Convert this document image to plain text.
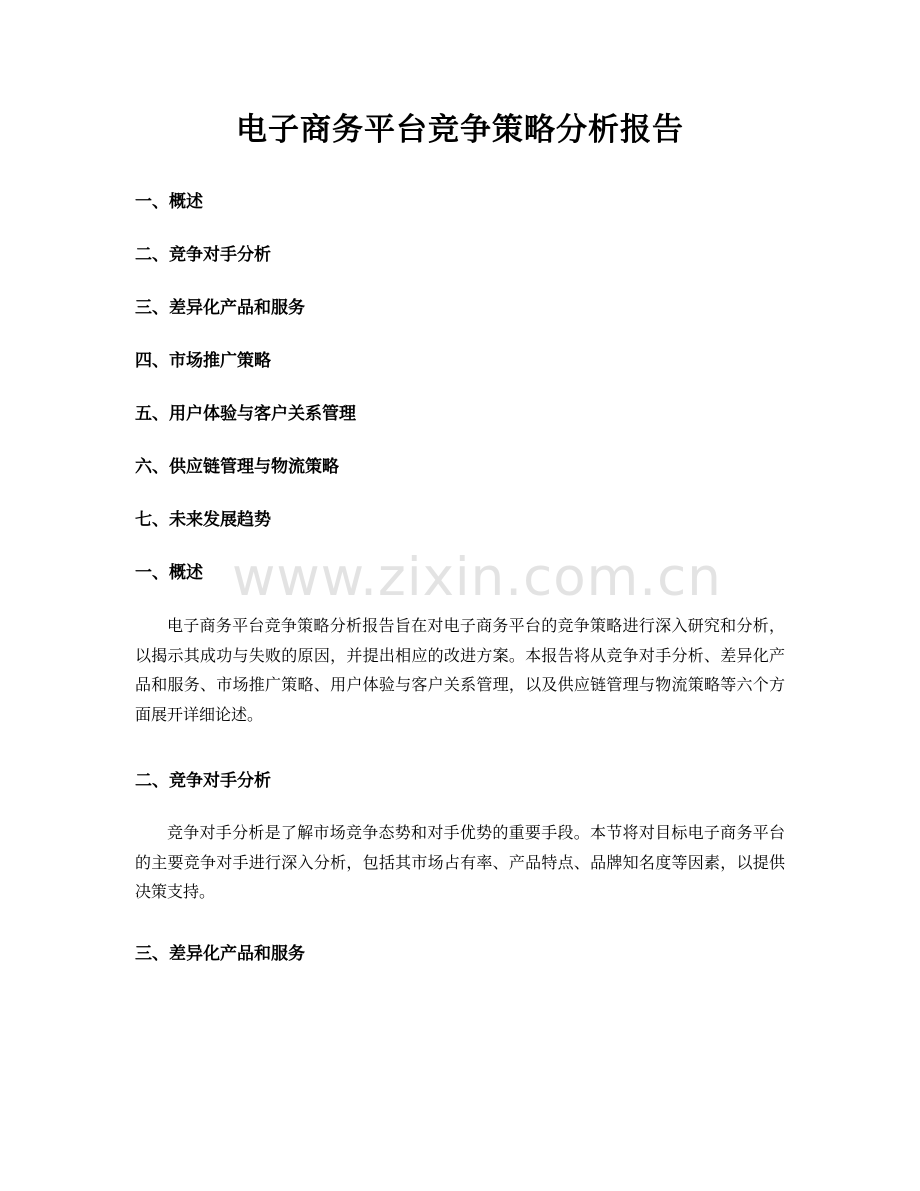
电子商务平台竞争策略分析报告
一、概述
二、竞争对手分析
三、差异化产品和服务
四、市场推广策略
五、用户体验与客户关系管理
六、供应链管理与物流策略
七、未来发展趋势
www.zixin.com.cn
一、概述
电子商务平台竞争策略分析报告旨在对电子商务平台的竞争策略进行深入研究和分析，以揭示其成功与失败的原因，并提出相应的改进方案。本报告将从竞争对手分析、差异化产品和服务、市场推广策略、用户体验与客户关系管理，以及供应链管理与物流策略等六个方面展开详细论述。
二、竞争对手分析
竞争对手分析是了解市场竞争态势和对手优势的重要手段。本节将对目标电子商务平台的主要竞争对手进行深入分析，包括其市场占有率、产品特点、品牌知名度等因素，以提供决策支持。
三、差异化产品和服务
